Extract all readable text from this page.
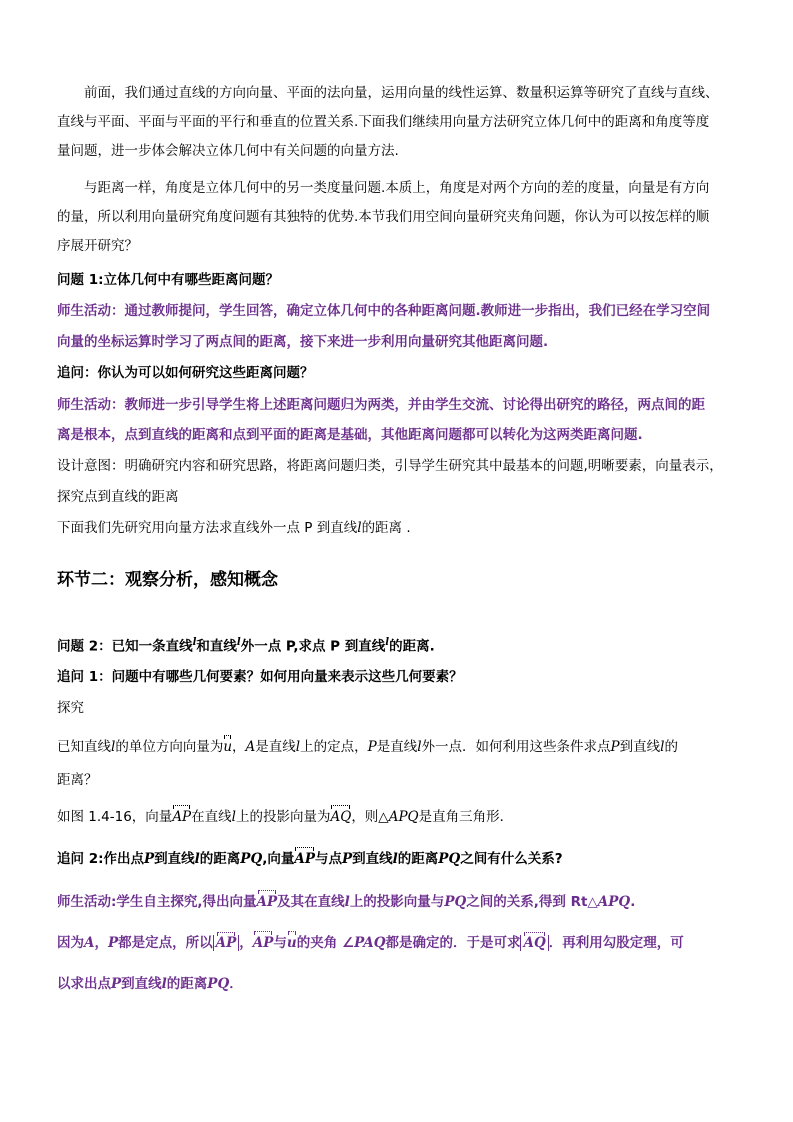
前面，我们通过直线的方向向量、平面的法向量，运用向量的线性运算、数量积运算等研究了直线与直线、
直线与平面、平面与平面的平行和垂直的位置关系.下面我们继续用向量方法研究立体几何中的距离和角度等度
量问题，进一步体会解决立体几何中有关问题的向量方法.
与距离一样，角度是立体几何中的另一类度量问题.本质上，角度是对两个方向的差的度量，向量是有方向
的量，所以利用向量研究角度问题有其独特的优势.本节我们用空间向量研究夹角问题，你认为可以按怎样的顺
序展开研究？
问题 1:立体几何中有哪些距离问题？
师生活动：通过教师提问，学生回答，确定立体几何中的各种距离问题.教师进一步指出，我们已经在学习空间
向量的坐标运算时学习了两点间的距离，接下来进一步利用向量研究其他距离问题.
追问：你认为可以如何研究这些距离问题？
师生活动：教师进一步引导学生将上述距离问题归为两类，并由学生交流、讨论得出研究的路径，两点间的距
离是根本，点到直线的距离和点到平面的距离是基础，其他距离问题都可以转化为这两类距离问题.
设计意图：明确研究内容和研究思路，将距离问题归类，引导学生研究其中最基本的问题,明晰要素，向量表示，
探究点到直线的距离
下面我们先研究用向量方法求直线外一点 P 到直线l的距离 .
环节二：观察分析，感知概念
问题 2：已知一条直线$^l$和直线$^l$外一点 P,求点 P 到直线$^l$的距离.
追问 1：问题中有哪些几何要素？如何用向量来表示这些几何要素？
探究
已知直线l的单位方向向量为u，A是直线l上的定点，P是直线l外一点．如何利用这些条件求点P到直线l的
距离？
如图 1.4-16，向量AP在直线l上的投影向量为AQ，则△APQ是直角三角形．
追问 2:作出点P到直线l的距离PQ,向量AP与点P到直线l的距离PQ之间有什么关系?
师生活动:学生自主探究,得出向量AP及其在直线l上的投影向量与PQ之间的关系,得到 Rt△APQ.
因为A，P都是定点，所以 AP ，AP与u的夹角 ∠PAQ都是确定的．于是可求 AQ ．再利用勾股定理，可
以求出点P到直线l的距离PQ．
